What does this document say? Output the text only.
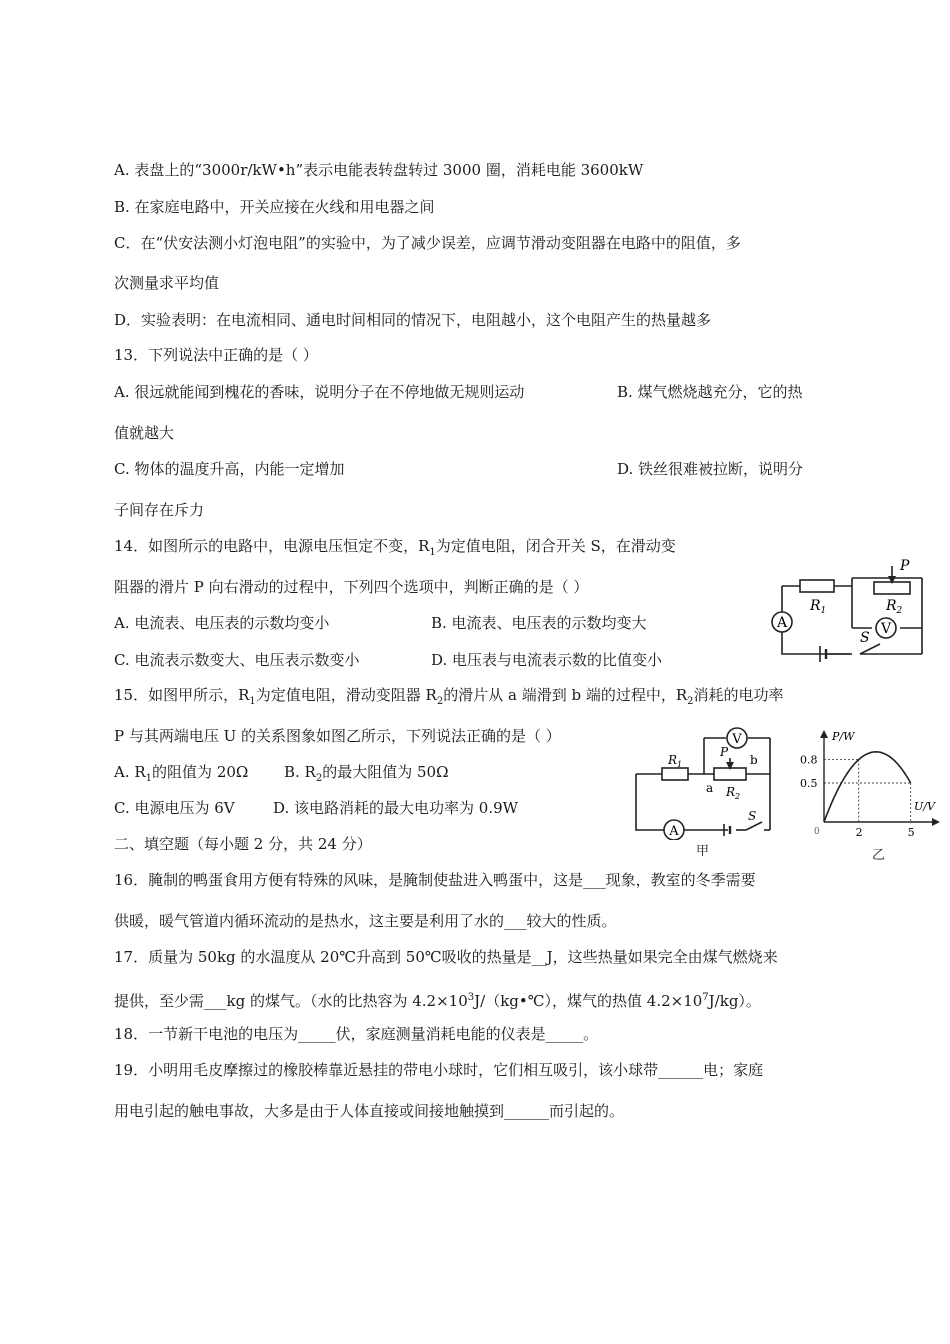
A. 表盘上的“3000r/kW•h”表示电能表转盘转过 3000 圈，消耗电能 3600kW
B. 在家庭电路中，开关应接在火线和用电器之间
C．在“伏安法测小灯泡电阻”的实验中，为了减少误差，应调节滑动变阻器在电路中的阻值，多
次测量求平均值
D．实验表明：在电流相同、通电时间相同的情况下，电阻越小，这个电阻产生的热量越多
13．下列说法中正确的是（ ）
A. 很远就能闻到槐花的香味，说明分子在不停地做无规则运动	B. 煤气燃烧越充分，它的热
值就越大
C. 物体的温度升高，内能一定增加	D. 铁丝很难被拉断，说明分
子间存在斥力
14．如图所示的电路中，电源电压恒定不变，$R_1$为定值电阻，闭合开关 S，在滑动变
阻器的滑片 P 向右滑动的过程中，下列四个选项中，判断正确的是（ ）
A. 电流表、电压表的示数均变小	B. 电流表、电压表的示数均变大
C. 电流表示数变大、电压表示数变小	D. 电压表与电流表示数的比值变小
A	V
P
$R_1$	$R_2$
S
15．如图甲所示，$R_1$为定值电阻，滑动变阻器 $R_2$的滑片从 a 端滑到 b 端的过程中，$R_2$消耗的电功率
P 与其两端电压 U 的关系图象如图乙所示，下列说法正确的是（ ）
A. $R_1$的阻值为 20Ω B. $R_2$的最大阻值为 50Ω
C. 电源电压为 6V	D. 该电路消耗的最大电功率为 0.9W
V
A
$R_1$
P
a
b
$R_2$
S
甲
P/W
U/V
0.8
0.5
0	2	5
乙
二、填空题（每小题 2 分，共 24 分）
16．腌制的鸭蛋食用方便有特殊的风味，是腌制使盐进入鸭蛋中，这是___现象，教室的冬季需要
供暖，暖气管道内循环流动的是热水，这主要是利用了水的___较大的性质。
17．质量为 50kg 的水温度从 20℃升高到 50℃吸收的热量是__J，这些热量如果完全由煤气燃烧来
提供，至少需___kg 的煤气。（水的比热容为 $4.2\times 10^3J/(kg•℃)$，煤气的热值 $4.2\times 10^7J/kg$）。
18．一节新干电池的电压为_____伏，家庭测量消耗电能的仪表是_____。
19．小明用毛皮摩擦过的橡胶棒靠近悬挂的带电小球时，它们相互吸引，该小球带______电；家庭
用电引起的触电事故，大多是由于人体直接或间接地触摸到______而引起的。
